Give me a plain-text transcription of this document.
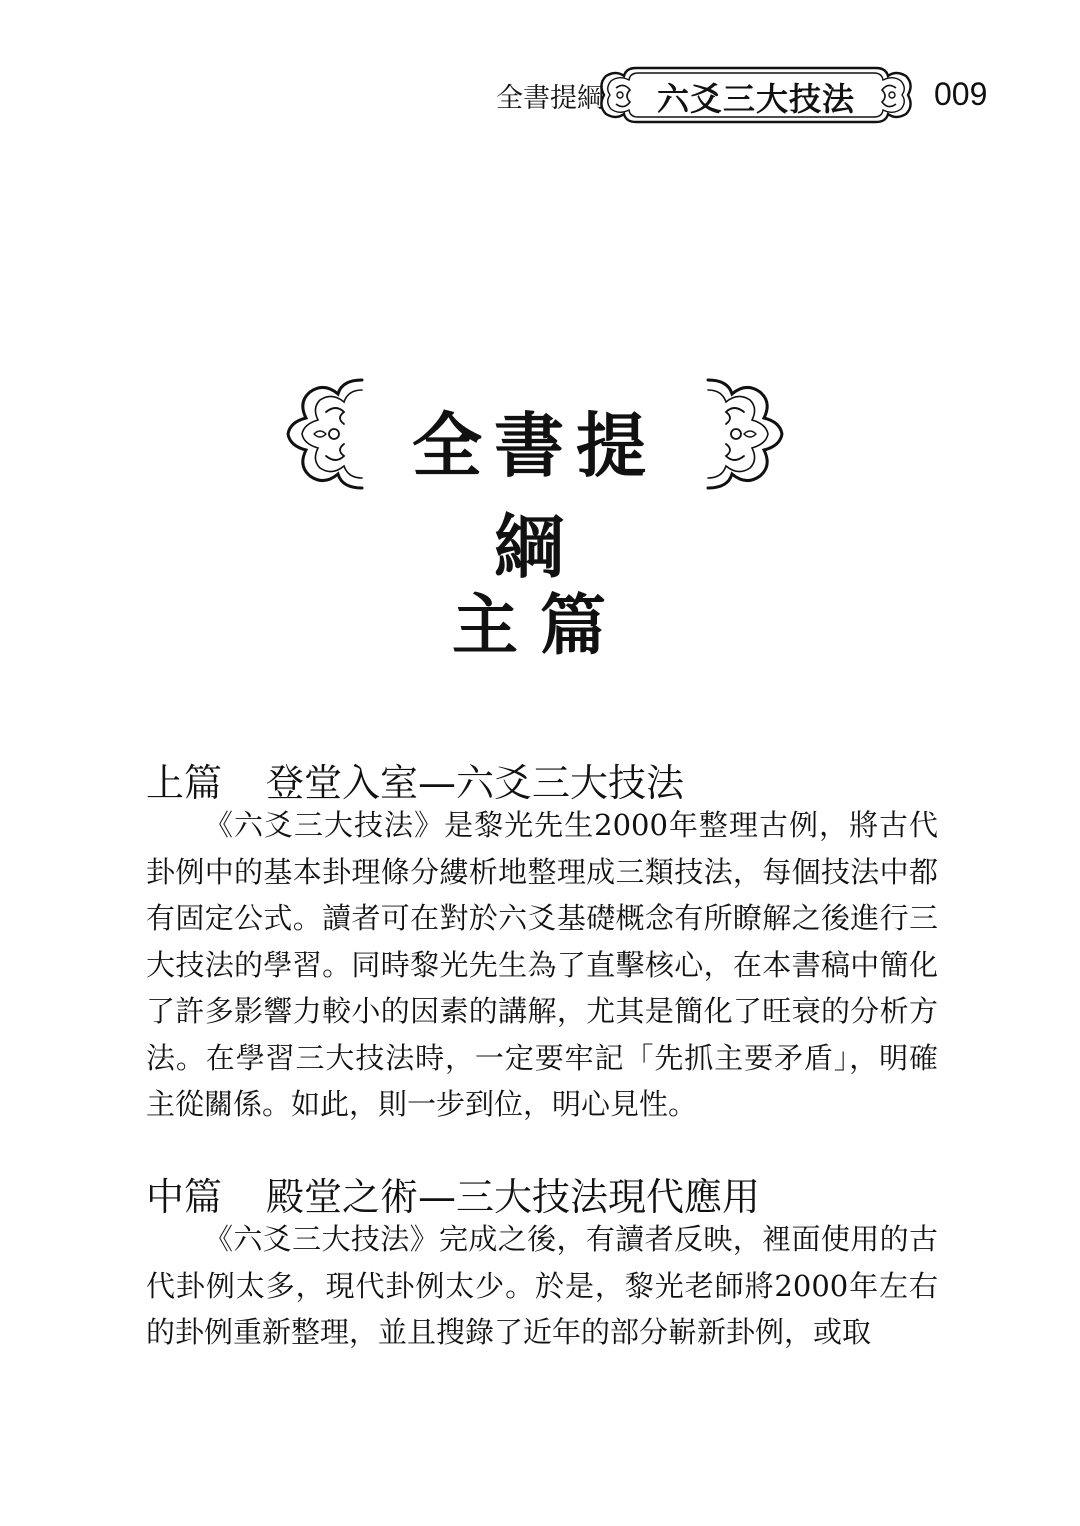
全書提綱	六爻三大技法	009
全書提綱
主篇
上篇 登堂入室—六爻三大技法
《六爻三大技法》是黎光先生2000年整理古例，將古代卦例中的基本卦理條分縷析地整理成三類技法，每個技法中都有固定公式。讀者可在對於六爻基礎概念有所瞭解之後進行三大技法的學習。同時黎光先生為了直擊核心，在本書稿中簡化了許多影響力較小的因素的講解，尤其是簡化了旺衰的分析方法。在學習三大技法時，一定要牢記「先抓主要矛盾」，明確主從關係。如此，則一步到位，明心見性。
中篇 殿堂之術—三大技法現代應用
《六爻三大技法》完成之後，有讀者反映，裡面使用的古代卦例太多，現代卦例太少。於是，黎光老師將2000年左右的卦例重新整理，並且搜錄了近年的部分嶄新卦例，或取
